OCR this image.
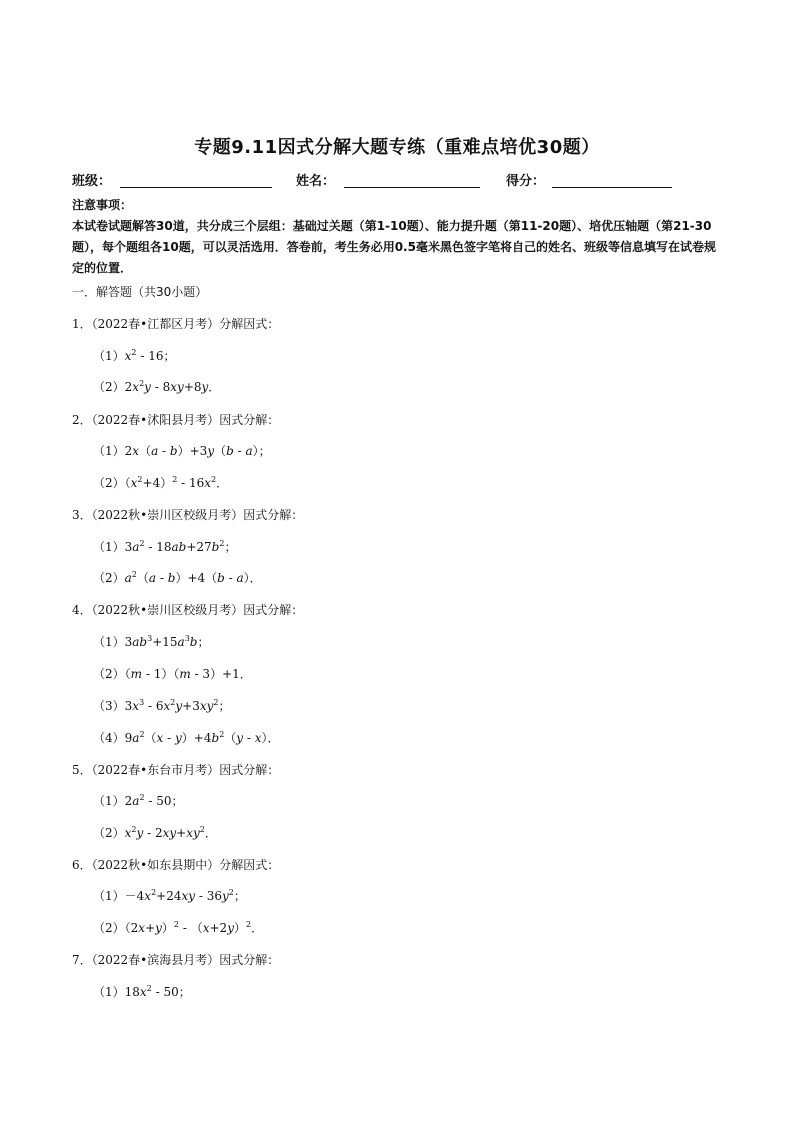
专题9.11因式分解大题专练（重难点培优30题）
班级：	姓名：	得分：
注意事项：
本试卷试题解答30道，共分成三个层组：基础过关题（第1-10题）、能力提升题（第11-20题）、培优压轴题（第21-30题），每个题组各10题，可以灵活选用．答卷前，考生务必用0.5毫米黑色签字笔将自己的姓名、班级等信息填写在试卷规定的位置．
一．解答题（共30小题）
1．（2022春•江都区月考）分解因式：
$(1)x^2 - 16$；
$(2)2x^2y - 8xy+8y$．
2．（2022春•沭阳县月考）因式分解：
（1）2x（a - b）+3y（b - a）；
$(2)(x^2+4)^2 - 16x^2$．
3．（2022秋•崇川区校级月考）因式分解：
$(1)3a^2 - 18ab+27b^2$；
$(2)a^2(a - b)+4(b - a)$．
4．（2022秋•崇川区校级月考）因式分解：
$(1)3ab^3+15a^3b$；
（2）（m - 1）（m - 3）+1．
$(3)3x^3 - 6x^2y+3xy^2$；
$(4)9a^2(x - y)+4b^2(y - x)$．
5．（2022春•东台市月考）因式分解：
$(1)2a^2 - 50$；
$(2)x^2y - 2xy+xy^2$．
6．（2022秋•如东县期中）分解因式：
$(1)-4x^2+24xy - 36y^2$；
$(2)(2x+y)^2 - (x+2y)^2$．
7．（2022春•滨海县月考）因式分解：
$(1)18x^2 - 50$；
